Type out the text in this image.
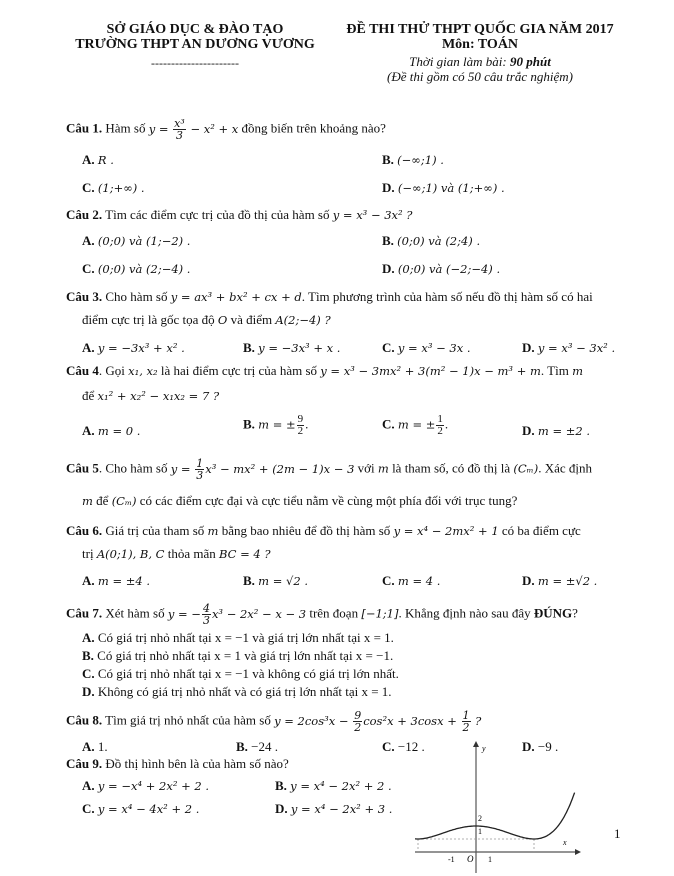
SỞ GIÁO DỤC & ĐÀO TẠO
TRƯỜNG THPT AN DƯƠNG VƯƠNG
----------------------
ĐỀ THI THỬ THPT QUỐC GIA NĂM 2017
Môn: TOÁN
Thời gian làm bài: 90 phút
(Đề thi gồm có 50 câu trắc nghiệm)
Câu 1. Hàm số $y = \frac{\text{x³}}{3} - x^2 + x$ đồng biến trên khoảng nào?
A. R .	B. (−∞;1) .
C. (1;+∞) .	D. (−∞;1) và (1;+∞) .
Câu 2. Tìm các điểm cực trị của đồ thị của hàm số y = x³ − 3x² ?
A. (0;0) và (1;−2) .	B. (0;0) và (2;4) .
C. (0;0) và (2;−4) .	D. (0;0) và (−2;−4) .
Câu 3. Cho hàm số y = ax³ + bx² + cx + d. Tìm phương trình của hàm số nếu đồ thị hàm số có hai
điểm cực trị là gốc tọa độ O và điểm A(2;−4) ?
A. y = −3x³ + x² .	B. y = −3x³ + x .	C. y = x³ − 3x .	D. y = x³ − 3x² .
Câu 4. Gọi x₁, x₂ là hai điểm cực trị của hàm số y = x³ − 3mx² + 3(m² − 1)x − m³ + m. Tìm m
để x₁² + x₂² − x₁x₂ = 7 ?
A. m = 0 .	B. m = ± $\frac{9}{2}$ .	C. m = ± $\frac{1}{2}$ .	D. m = ±2 .
Câu 5. Cho hàm số $y = \frac{1}{3} x^3 - mx^2 + (2m - 1)x - 3$ với m là tham số, có đồ thị là (Cₘ). Xác định
m để (Cₘ) có các điểm cực đại và cực tiểu nằm về cùng một phía đối với trục tung?
Câu 6. Giá trị của tham số m bằng bao nhiêu để đồ thị hàm số y = x⁴ − 2mx² + 1 có ba điểm cực
trị A(0;1), B, C thỏa mãn BC = 4 ?
A. m = ±4 .	B. m = √2 .	C. m = 4 .	D. m = ±√2 .
Câu 7. Xét hàm số y = − $\frac{4}{3} x^3 - 2x^2 - x - 3$ trên đoạn [−1;1]. Khẳng định nào sau đây ĐÚNG?
A. Có giá trị nhỏ nhất tại x = −1 và giá trị lớn nhất tại x = 1.
B. Có giá trị nhỏ nhất tại x = 1 và giá trị lớn nhất tại x = −1.
C. Có giá trị nhỏ nhất tại x = −1 và không có giá trị lớn nhất.
D. Không có giá trị nhỏ nhất và có giá trị lớn nhất tại x = 1.
Câu 8. Tìm giá trị nhỏ nhất của hàm số $y = 2\cos^3x - \frac{9}{2} \cos^2x + 3\cos x + \frac{1}{2}$ ?
A. 1.	B. −24 .	C. −12 .	D. −9 .
Câu 9. Đồ thị hình bên là của hàm số nào?
A. y = −x⁴ + 2x² + 2 .	B. y = x⁴ − 2x² + 2 .
C. y = x⁴ − 4x² + 2 .	D. y = x⁴ − 2x² + 3 .
y
x
O
-1	1
1
2
1
